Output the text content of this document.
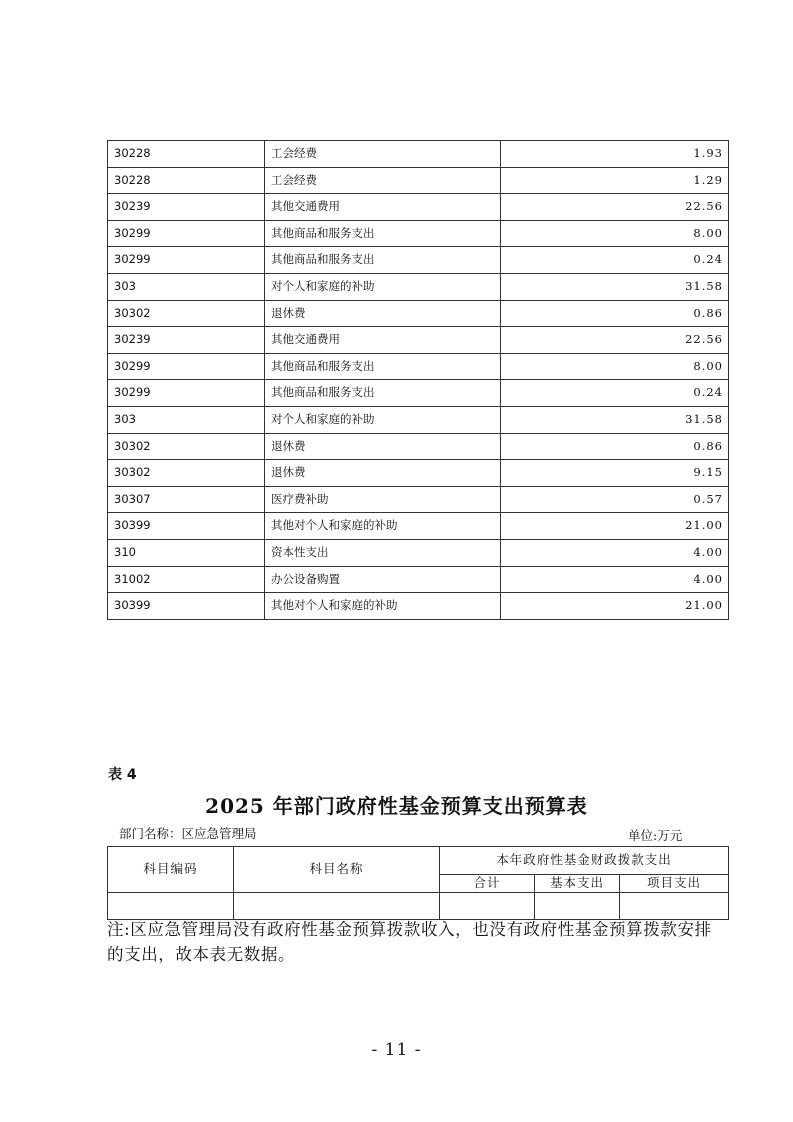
30228	工会经费	1.93
30228	工会经费	1.29
30239	其他交通费用	22.56
30299	其他商品和服务支出	8.00
30299	其他商品和服务支出	0.24
303	对个人和家庭的补助	31.58
30302	退休费	0.86
30239	其他交通费用	22.56
30299	其他商品和服务支出	8.00
30299	其他商品和服务支出	0.24
303	对个人和家庭的补助	31.58
30302	退休费	0.86
30302	退休费	9.15
30307	医疗费补助	0.57
30399	其他对个人和家庭的补助	21.00
310	资本性支出	4.00
31002	办公设备购置	4.00
30399	其他对个人和家庭的补助	21.00
表 4
2025 年部门政府性基金预算支出预算表
部门名称：区应急管理局	单位:万元
科目编码	科目名称	本年政府性基金财政拨款支出		
		合计	基本支出	项目支出

注:区应急管理局没有政府性基金预算拨款收入，也没有政府性基金预算拨款安排的支出，故本表无数据。
- 11 -
